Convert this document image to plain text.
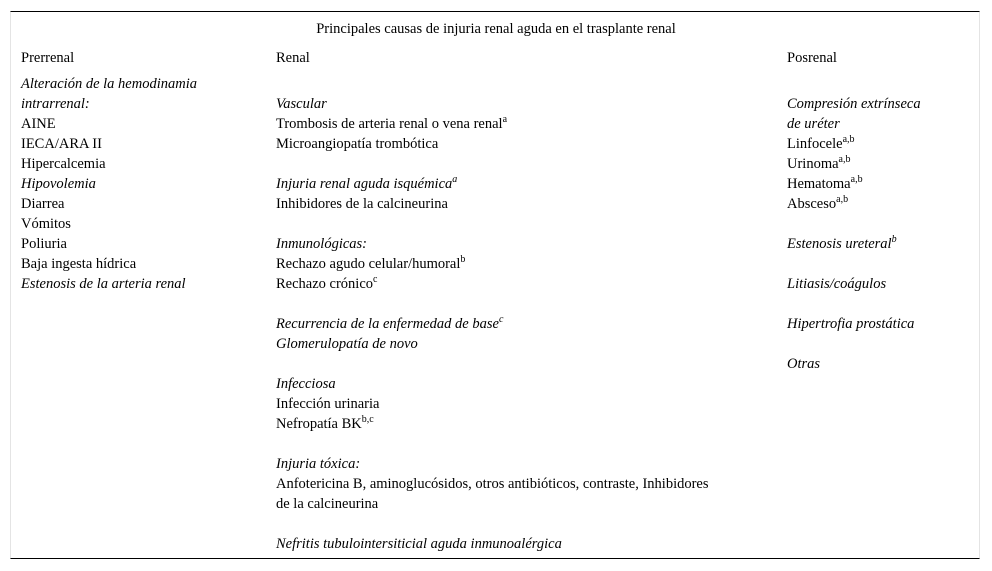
Principales causas de injuria renal aguda en el trasplante renal
Prerrenal	Renal	Posrenal
Alteración de la hemodinamia
intrarrenal:
AINE
IECA/ARA II
Hipercalcemia
Hipovolemia
Diarrea
Vómitos
Poliuria
Baja ingesta hídrica
Estenosis de la arteria renal
Vascular
Trombosis de arteria renal o vena renal$^a$
Microangiopatía trombótica
Injuria renal aguda isquémica$^a$
Inhibidores de la calcineurina
Inmunológicas:
Rechazo agudo celular/humoral$^b$
Rechazo crónico$^c$
Recurrencia de la enfermedad de base$^c$
Glomerulopatía de novo
Infecciosa
Infección urinaria
Nefropatía BK$^{b,c}$
Injuria tóxica:
Anfotericina B, aminoglucósidos, otros antibióticos, contraste, Inhibidores
de la calcineurina
Nefritis tubulointersiticial aguda inmunoalérgica
Compresión extrínseca
de uréter
Linfocele$^{a,b}$
Urinoma$^{a,b}$
Hematoma$^{a,b}$
Absceso$^{a,b}$
Estenosis ureteral$^b$
Litiasis/coágulos
Hipertrofia prostática
Otras
